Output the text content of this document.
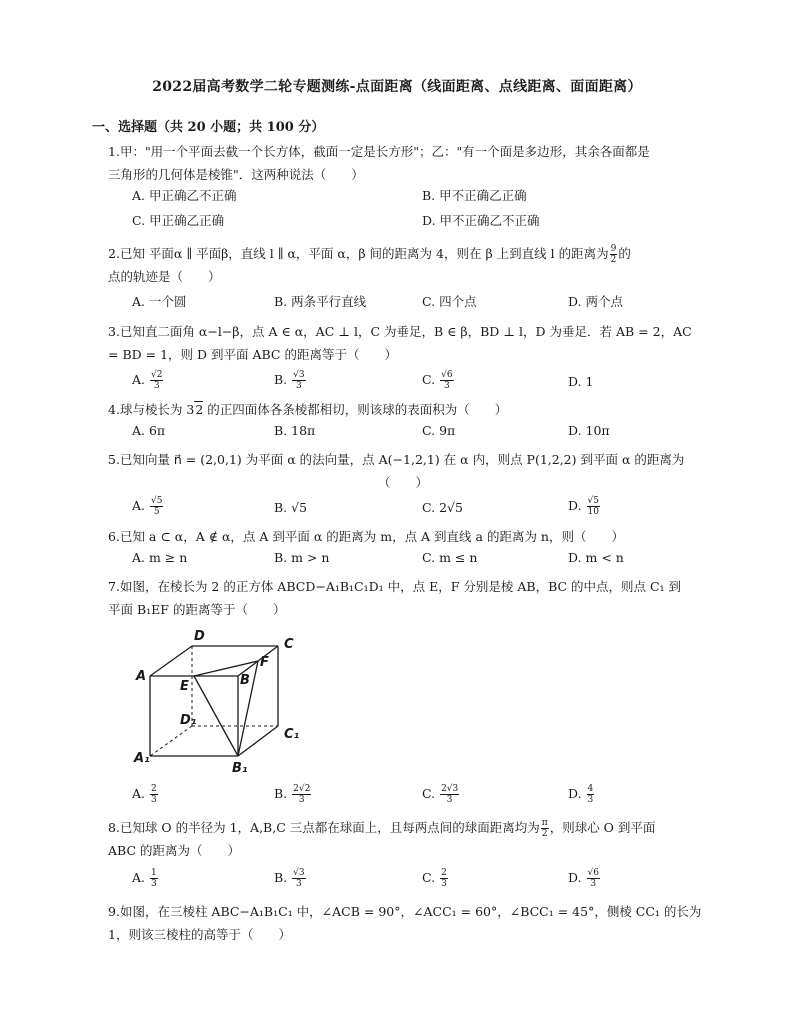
2022届高考数学二轮专题测练-点面距离（线面距离、点线距离、面面距离）
一、选择题（共 20 小题；共 100 分）
1.甲："用一个平面去截一个长方体，截面一定是长方形"；乙："有一个面是多边形，其余各面都是
三角形的几何体是棱锥"．这两种说法（　　）
A. 甲正确乙不正确	B. 甲不正确乙正确
C. 甲正确乙正确	D. 甲不正确乙不正确
2.已知 平面α ∥ 平面β，直线 l ∥ α，平面 α，β 间的距离为 4，则在 β 上到直线 l 的距离为 $\frac{9}{2}$ 的
点的轨迹是（　　）
A. 一个圆	B. 两条平行直线	C. 四个点	D. 两个点
3.已知直二面角 α−l−β，点 A ∈ α，AC ⊥ l，C 为垂足，B ∈ β，BD ⊥ l，D 为垂足．若 AB = 2，AC
= BD = 1，则 D 到平面 ABC 的距离等于（　　）
A. $\frac{√2}{3}$	B. $\frac{√3}{3}$	C. $\frac{√6}{3}$	D. 1
4.球与棱长为 32 的正四面体各条棱都相切，则该球的表面积为（　　）
A. 6π	B. 18π	C. 9π	D. 10π
5.已知向量 n⃗ = (2,0,1) 为平面 α 的法向量，点 A(−1,2,1) 在 α 内，则点 P(1,2,2) 到平面 α 的距离为
（　　）
A. $\frac{√5}{5}$	B. √5	C. 2√5	D. $\frac{√5}{10}$
6.已知 a ⊂ α，A ∉ α，点 A 到平面 α 的距离为 m，点 A 到直线 a 的距离为 n，则（　　）
A. m ≥ n	B. m > n	C. m ≤ n	D. m < n
7.如图，在棱长为 2 的正方体 ABCD−A₁B₁C₁D₁ 中，点 E，F 分别是棱 AB，BC 的中点，则点 C₁ 到
平面 B₁EF 的距离等于（　　）
D
C
A
E
F
B
D₁
C₁
A₁
B₁
A. $\frac{2}{3}$	B. $\frac{2√2}{3}$	C. $\frac{2√3}{3}$	D. $\frac{4}{3}$
8.已知球 O 的半径为 1，A,B,C 三点都在球面上，且每两点间的球面距离均为 $\frac{\pi}{2}$ ，则球心 O 到平面
ABC 的距离为（　　）
A. $\frac{1}{3}$	B. $\frac{√3}{3}$	C. $\frac{2}{3}$	D. $\frac{√6}{3}$
9.如图，在三棱柱 ABC−A₁B₁C₁ 中，∠ACB = 90°，∠ACC₁ = 60°，∠BCC₁ = 45°，侧棱 CC₁ 的长为
1，则该三棱柱的高等于（　　）
